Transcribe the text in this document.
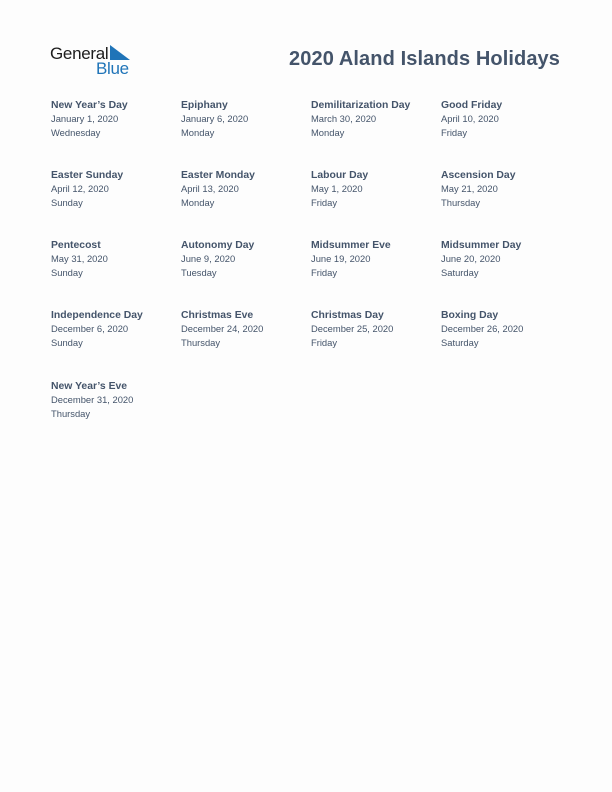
General
Blue	2020 Aland Islands Holidays
New Year’s Day
January 1, 2020
Wednesday
Epiphany
January 6, 2020
Monday
Demilitarization Day
March 30, 2020
Monday
Good Friday
April 10, 2020
Friday
Easter Sunday
April 12, 2020
Sunday
Easter Monday
April 13, 2020
Monday
Labour Day
May 1, 2020
Friday
Ascension Day
May 21, 2020
Thursday
Pentecost
May 31, 2020
Sunday
Autonomy Day
June 9, 2020
Tuesday
Midsummer Eve
June 19, 2020
Friday
Midsummer Day
June 20, 2020
Saturday
Independence Day
December 6, 2020
Sunday
Christmas Eve
December 24, 2020
Thursday
Christmas Day
December 25, 2020
Friday
Boxing Day
December 26, 2020
Saturday
New Year’s Eve
December 31, 2020
Thursday
